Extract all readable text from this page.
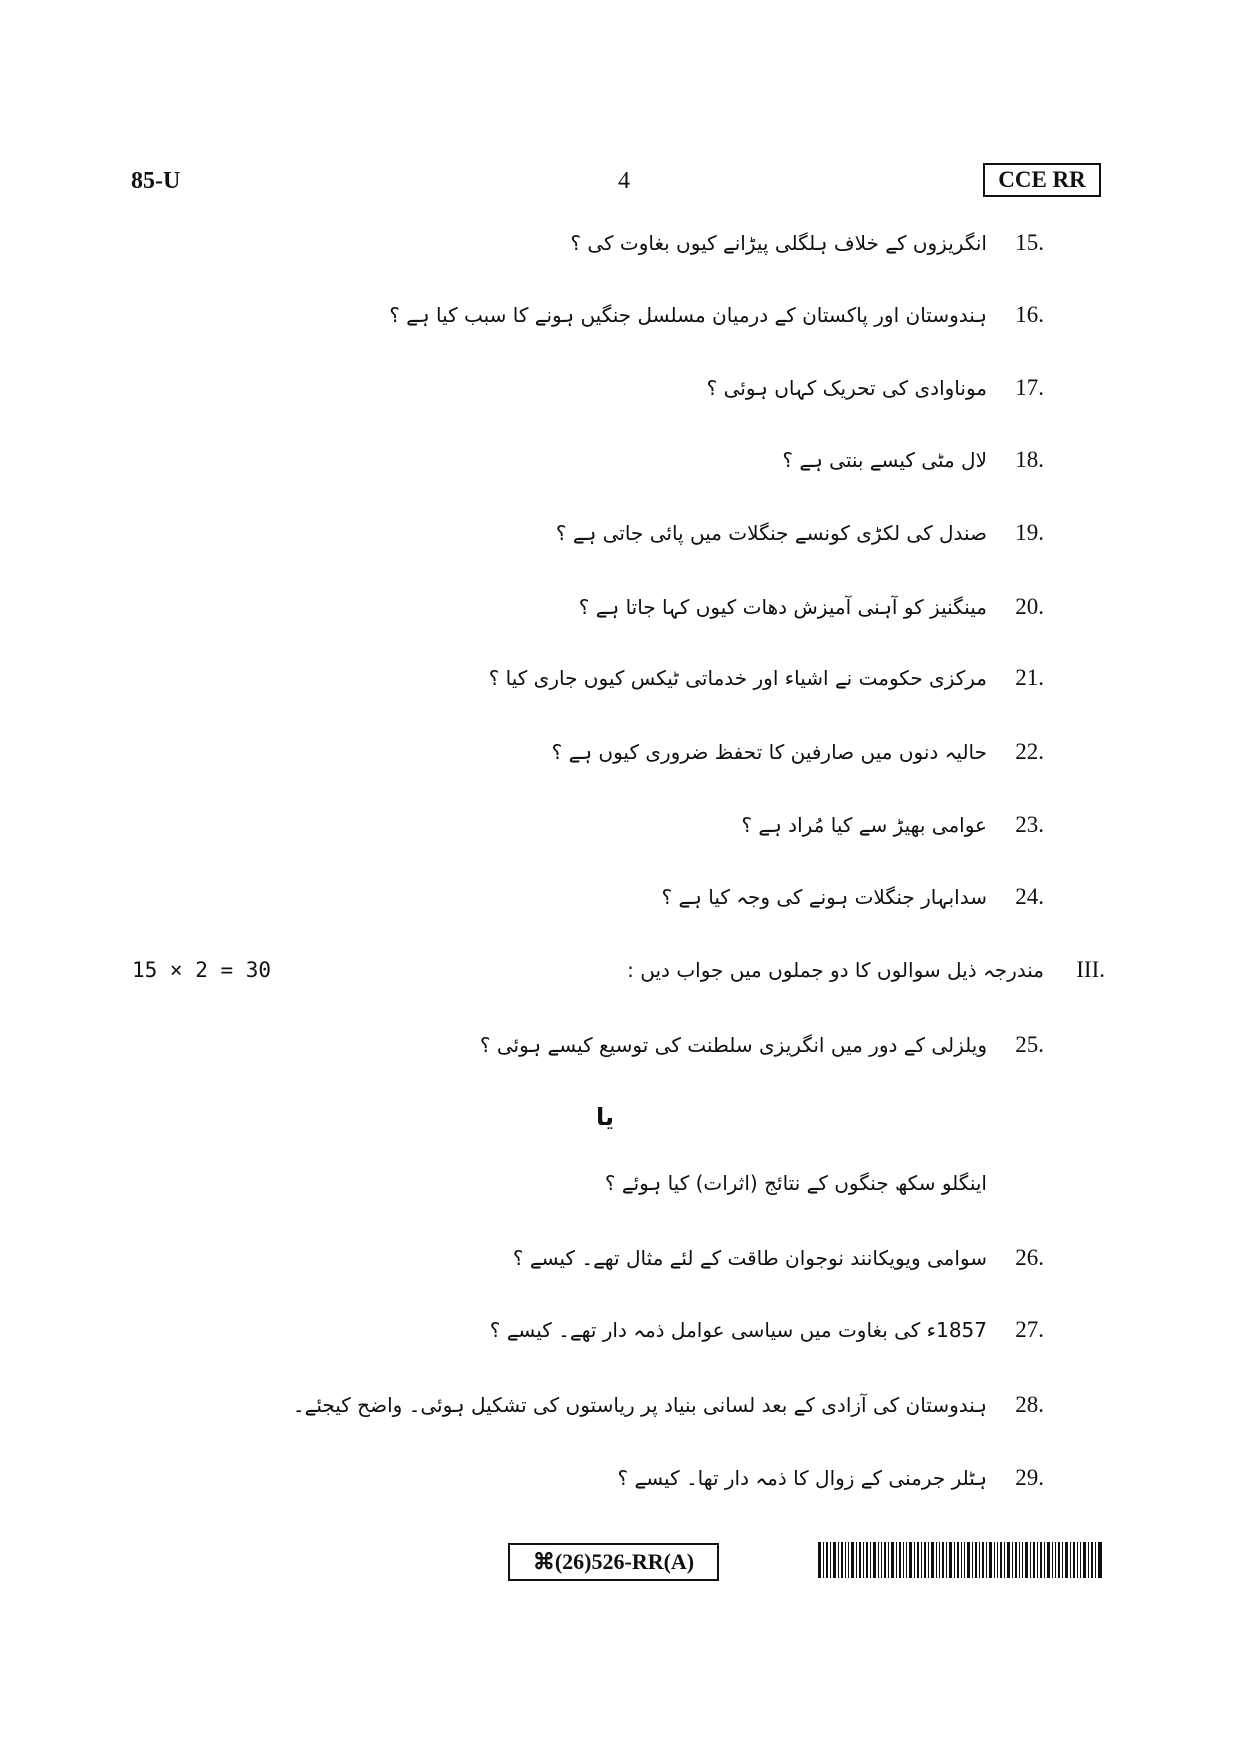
85-U	4	CCE RR
15.
انگریزوں کے خلاف ہلگلی پیڑانے کیوں بغاوت کی ؟
16.
ہندوستان اور پاکستان کے درمیان مسلسل جنگیں ہونے کا سبب کیا ہے ؟
17.
موناوادی کی تحریک کہاں ہوئی ؟
18.
لال مٹی کیسے بنتی ہے ؟
19.
صندل کی لکڑی کونسے جنگلات میں پائی جاتی ہے ؟
20.
مینگنیز کو آہنی آمیزش دھات کیوں کہا جاتا ہے ؟
21.
مرکزی حکومت نے اشیاء اور خدماتی ٹیکس کیوں جاری کیا ؟
22.
حالیہ دنوں میں صارفین کا تحفظ ضروری کیوں ہے ؟
23.
عوامی بھیڑ سے کیا مُراد ہے ؟
24.
سدابہار جنگلات ہونے کی وجہ کیا ہے ؟
15 × 2 = 30	مندرجہ ذیل سوالوں کا دو جملوں میں جواب دیں : III.
25.
ویلزلی کے دور میں انگریزی سلطنت کی توسیع کیسے ہوئی ؟
یا
اینگلو سکھ جنگوں کے نتائج (اثرات) کیا ہوئے ؟
26.
سوامی ویویکانند نوجوان طاقت کے لئے مثال تھے۔ کیسے ؟
27.
1857ء کی بغاوت میں سیاسی عوامل ذمہ دار تھے۔ کیسے ؟
28.
ہندوستان کی آزادی کے بعد لسانی بنیاد پر ریاستوں کی تشکیل ہوئی۔ واضح کیجئے۔
29.
ہٹلر جرمنی کے زوال کا ذمہ دار تھا۔ کیسے ؟
⌘(26)526-RR(A)
